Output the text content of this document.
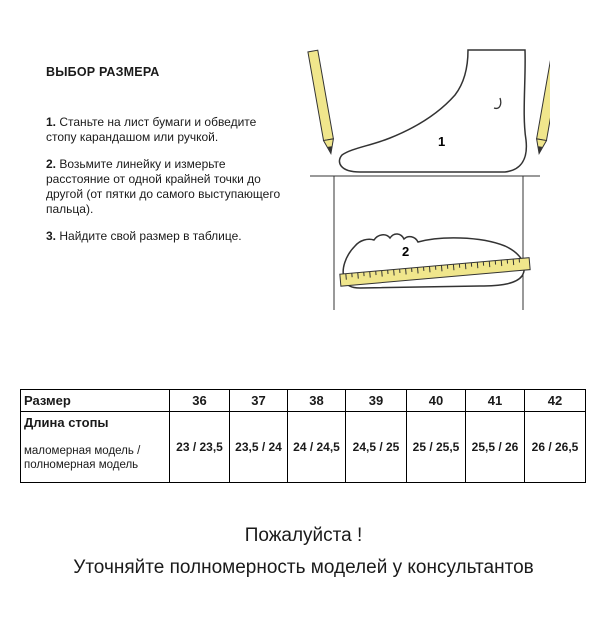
ВЫБОР РАЗМЕРА
1. Станьте на лист бумаги и обведите стопу карандашом или ручкой.
2. Возьмите линейку и измерьте расстояние от одной крайней точки до другой (от пятки до самого выступающего пальца).
3. Найдите свой размер в таблице.
1
2
Размер	36	37	38	39	40	41	42

Длина стопы
маломерная модель /
полномерная модель	23 / 23,5	23,5 / 24	24 / 24,5	24,5 / 25	25 / 25,5	25,5 / 26	26 / 26,5
Пожалуйста !
Уточняйте полномерность моделей у консультантов
